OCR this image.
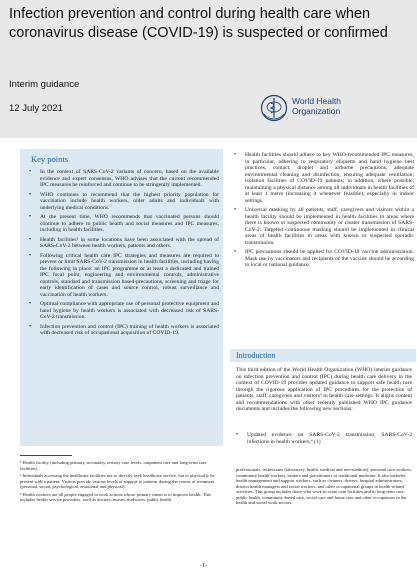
Infection prevention and control during health care when coronavirus disease (COVID-19) is suspected or confirmed
Interim guidance
12 July 2021
World Health
Organization
Key points
• In the context of SARS-CoV-2 variants of concern, based on the available evidence and expert consensus, WHO advises that the current recommended IPC measures be reinforced and continue to be stringently implemented.
• WHO continues to recommend that the highest priority population for vaccination include health workers, older adults and individuals with underlying medical conditions.
• At the present time, WHO recommends that vaccinated persons should continue to adhere to public health and social measures and IPC measures, including in health facilities.
• Health facilities¹ in some locations have been associated with the spread of SARS-CoV-2 between health workers, patients and others.
• Following critical health care IPC strategies and measures are required to prevent or limit SARS-CoV-2 transmission in health facilities, including having the following in place: an IPC programme or at least a dedicated and trained IPC focal point, engineering and environmental controls, administrative controls, standard and transmission based-precautions, screening and triage for early identification of cases and source control, robust surveillance and vaccination of health workers.
• Optimal compliance with appropriate use of personal protective equipment and hand hygiene by health workers is associated with decreased risk of SARS-CoV-2 transmission.
• Infection prevention and control (IPC) training of health workers is associated with decreased risk of occupational acquisition of COVID-19.
• Health facilities should adhere to key WHO-recommended IPC measures, in particular, adhering to respiratory etiquette and hand hygiene best practices, contact, droplet and airborne precautions, adequate environmental cleaning and disinfection, ensuring adequate ventilation; isolation facilities of COVID-19 patients; in addition, where possible, maintaining a physical distance among all individuals in health facilities of at least 1 metre (increasing it whenever feasible), especially in indoor settings.
• Universal masking by all patients, staff, caregivers and visitors within a health facility should be implemented in health facilities in areas where there is known or suspected community or cluster transmission of SARS-CoV-2. Targeted continuous masking should be implemented in clinical areas of health facilities in areas with known or suspected sporadic transmission.
• IPC precautions should be applied for COVID-19 vaccine administration. Mask use by vaccinators and recipients of the vaccine should be according to local or national guidance.
Introduction

This third edition of the World Health Organization (WHO) interim guidance on infection prevention and control (IPC) during health care delivery in the context of COVID-19 provides updated guidance to support safe health care through the rigorous application of IPC procedures for the protection of patients, staff, caregivers and visitors³ in health care settings. It aligns content and recommendations with other recently published WHO IPC guidance documents and includes the following new sections:

• Updated evidence on SARS-CoV-2 transmission, SARS-CoV-2 infections in health workers,⁴ (1)

¹ Health facility (including primary, secondary, tertiary care levels, outpatient care and long-term care facilities)

² Individuals accessing the healthcare facilities not to directly seek healthcare service, but to physically be present with a patient. Visitors provide various levels of support to patients during the course of treatment (personal, social, psychological, emotional and physical).

³ Health workers are all people engaged in work actions whose primary intent is to improve health. This includes health service providers, such as doctors, nurses, midwives, public health

professionals, technicians (laboratory, health, medical and non-medical), personal care workers, community health workers, healers and practitioners of traditional medicine. It also includes health management and support workers, such as cleaners, drivers, hospital administrators, district health managers and social workers, and other occupational groups in health-related activities. This group includes those who work in acute care facilities and in long-term care, public health, community-based care, social care and home care and other occupations in the health and social work sectors.

-1-
